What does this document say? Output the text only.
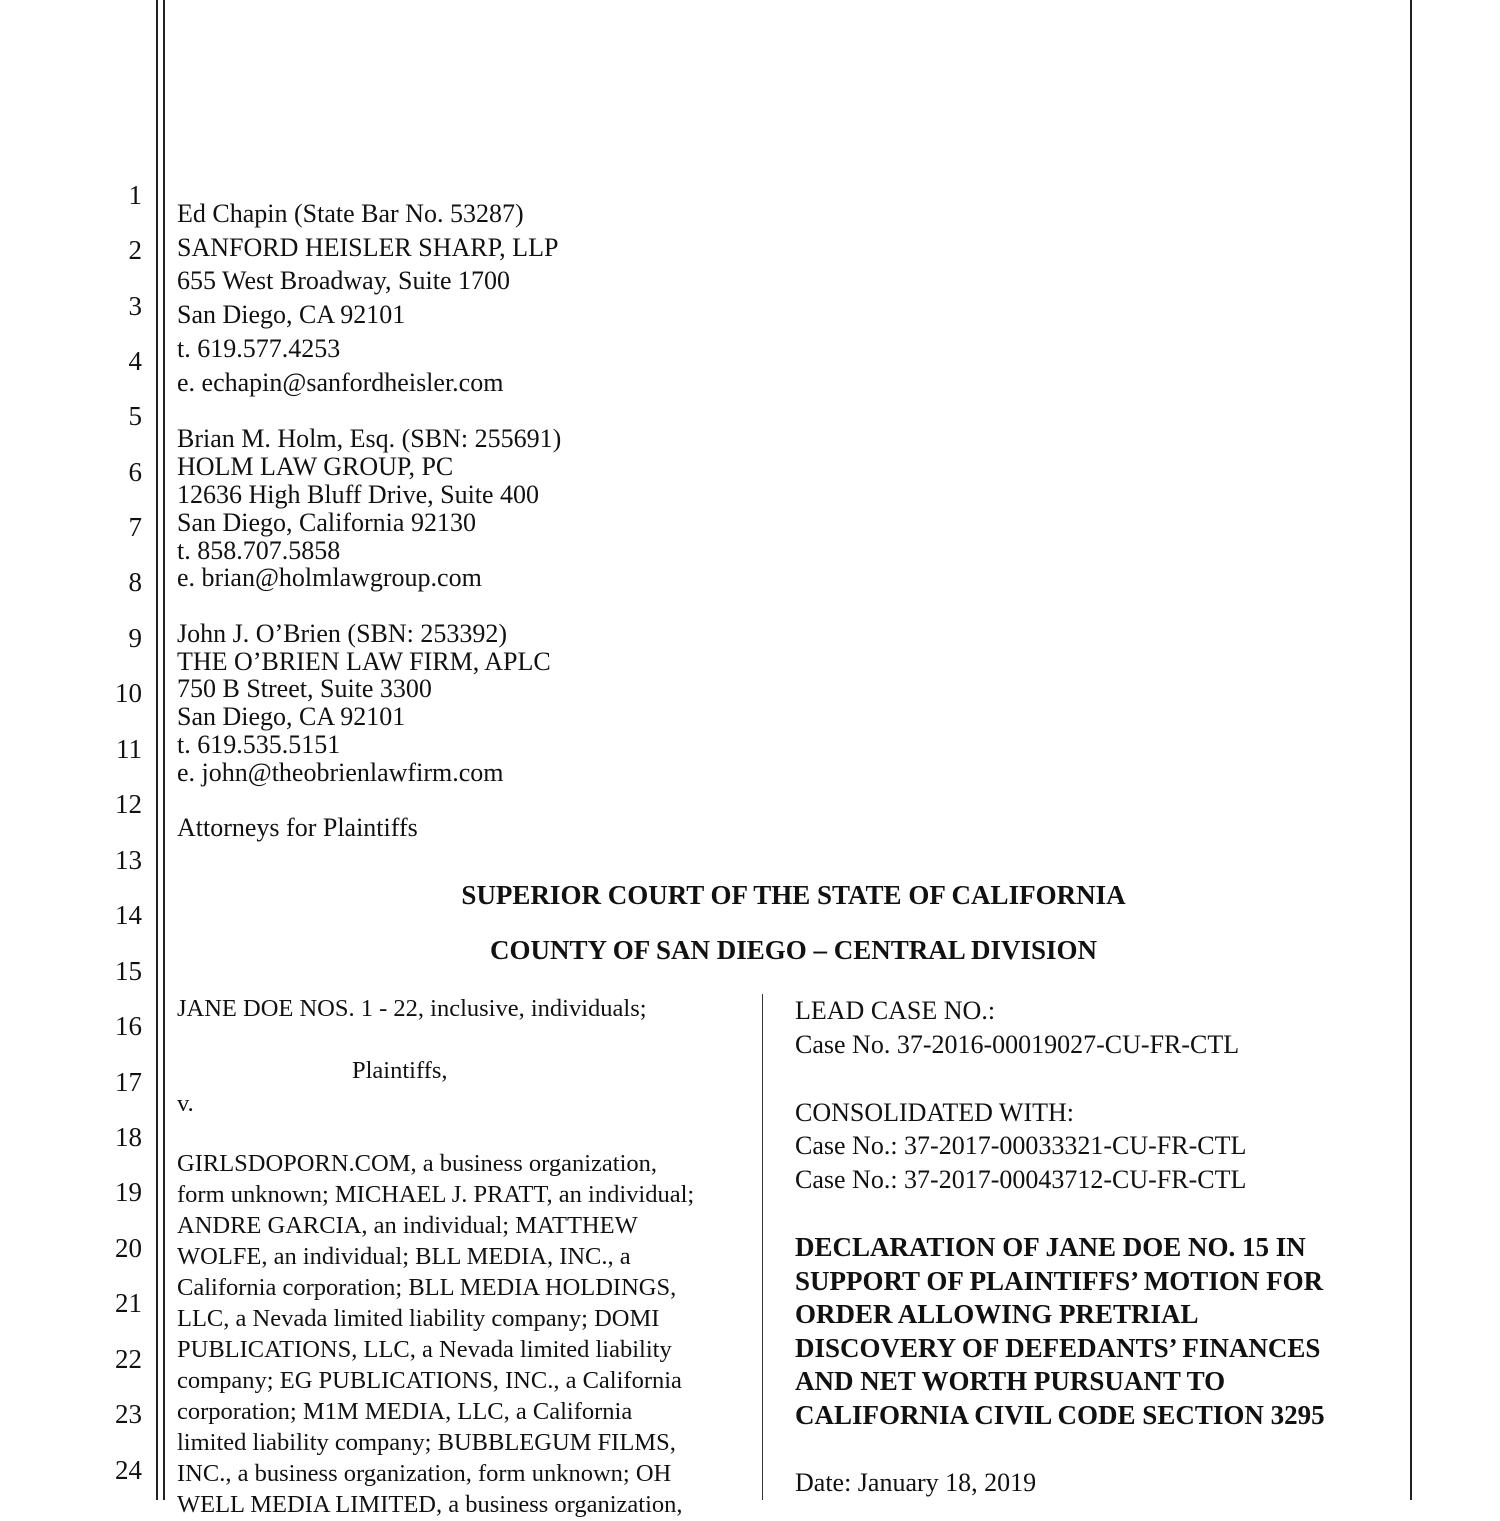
1
2
3
4
5
6
7
8
9
10
11
12
13
14
15
16
17
18
19
20
21
22
23
24
Ed Chapin (State Bar No. 53287)
SANFORD HEISLER SHARP, LLP
655 West Broadway, Suite 1700
San Diego, CA 92101
t. 619.577.4253
e. echapin@sanfordheisler.com
Brian M. Holm, Esq. (SBN: 255691)
HOLM LAW GROUP, PC
12636 High Bluff Drive, Suite 400
San Diego, California 92130
t. 858.707.5858
e. brian@holmlawgroup.com
John J. O’Brien (SBN: 253392)
THE O’BRIEN LAW FIRM, APLC
750 B Street, Suite 3300
San Diego, CA 92101
t. 619.535.5151
e. john@theobrienlawfirm.com
Attorneys for Plaintiffs
SUPERIOR COURT OF THE STATE OF CALIFORNIA
COUNTY OF SAN DIEGO – CENTRAL DIVISION
JANE DOE NOS. 1 - 22, inclusive, individuals;
Plaintiffs,
v.
GIRLSDOPORN.COM, a business organization,
form unknown; MICHAEL J. PRATT, an individual;
ANDRE GARCIA, an individual; MATTHEW
WOLFE, an individual; BLL MEDIA, INC., a
California corporation; BLL MEDIA HOLDINGS,
LLC, a Nevada limited liability company; DOMI
PUBLICATIONS, LLC, a Nevada limited liability
company; EG PUBLICATIONS, INC., a California
corporation; M1M MEDIA, LLC, a California
limited liability company; BUBBLEGUM FILMS,
INC., a business organization, form unknown; OH
WELL MEDIA LIMITED, a business organization,
LEAD CASE NO.:
Case No. 37-2016-00019027-CU-FR-CTL
CONSOLIDATED WITH:
Case No.: 37-2017-00033321-CU-FR-CTL
Case No.: 37-2017-00043712-CU-FR-CTL
DECLARATION OF JANE DOE NO. 15 IN
SUPPORT OF PLAINTIFFS’ MOTION FOR
ORDER ALLOWING PRETRIAL
DISCOVERY OF DEFEDANTS’ FINANCES
AND NET WORTH PURSUANT TO
CALIFORNIA CIVIL CODE SECTION 3295
Date: January 18, 2019
